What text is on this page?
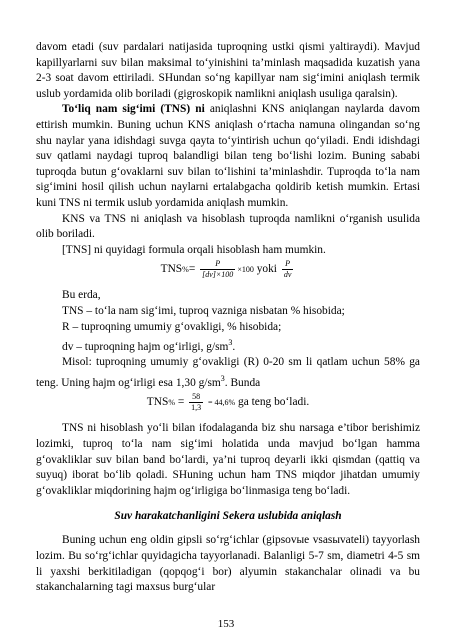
davom etadi (suv pardalari natijasida tuproqning ustki qismi yaltiraydi). Mavjud kapillyarlarni suv bilan maksimal to‘yinishini ta’minlash maqsadida kuzatish yana 2-3 soat davom ettiriladi. SHundan so‘ng kapillyar nam sig‘imini aniqlash termik uslub yordamida olib boriladi (gigroskopik namlikni aniqlash usuliga qaralsin).

To‘liq nam sig‘imi (TNS) ni aniqlashni KNS aniqlangan naylarda davom ettirish mumkin. Buning uchun KNS aniqlash o‘rtacha namuna olingandan so‘ng shu naylar yana idishdagi suvga qayta to‘yintirish uchun qo‘yiladi. Endi idishdagi suv qatlami naydagi tuproq balandligi bilan teng bo‘lishi lozim. Buning sababi tuproqda butun g‘ovaklarni suv bilan to‘lishini ta’minlashdir. Tuproqda to‘la nam sig‘imini hosil qilish uchun naylarni ertalabgacha qoldirib ketish mumkin. Ertasi kuni TNS ni termik uslub yordamida aniqlash mumkin.

KNS va TNS ni aniqlash va hisoblash tuproqda namlikni o‘rganish usulida olib boriladi.

[TNS] ni quyidagi formula orqali hisoblash ham mumkin.

$TNS\%= \frac{P}{[dv]\times 100} \times 100$ yoki $\frac{P}{dv}$

Bu erda,

TNS – to‘la nam sig‘imi, tuproq vazniga nisbatan % hisobida;

R – tuproqning umumiy g‘ovakligi, % hisobida;

dv – tuproqning hajm og‘irligi, $g/sm^3$.

Misol: tuproqning umumiy g‘ovakligi (R) 0-20 sm li qatlam uchun 58% ga teng. Uning hajm og‘irligi esa 1,30 $g/sm^3$. Bunda

$TNS\% = \frac{58}{1,3} = 44,6\%$ ga teng bo‘ladi.

TNS ni hisoblash yo‘li bilan ifodalaganda biz shu narsaga e’tibor berishimiz lozimki, tuproq to‘la nam sig‘imi holatida unda mavjud bo‘lgan hamma g‘ovakliklar suv bilan band bo‘lardi, ya’ni tuproq deyarli ikki qismdan (qattiq va suyuq) iborat bo‘lib qoladi. SHuning uchun ham TNS miqdor jihatdan umumiy g‘ovakliklar miqdorining hajm og‘irligiga bo‘linmasiga teng bo‘ladi.

Suv harakatchanligini Sekera uslubida aniqlash

Buning uchun eng oldin gipsli so‘rg‘ichlar (gipsovыe vsasыvateli) tayyorlash lozim. Bu so‘rg‘ichlar quyidagicha tayyorlanadi. Balanligi 5-7 sm, diametri 4-5 sm li yaxshi berkitiladigan (qopqog‘i bor) alyumin stakanchalar olinadi va bu stakanchalarning tagi maxsus burg‘ular

153
